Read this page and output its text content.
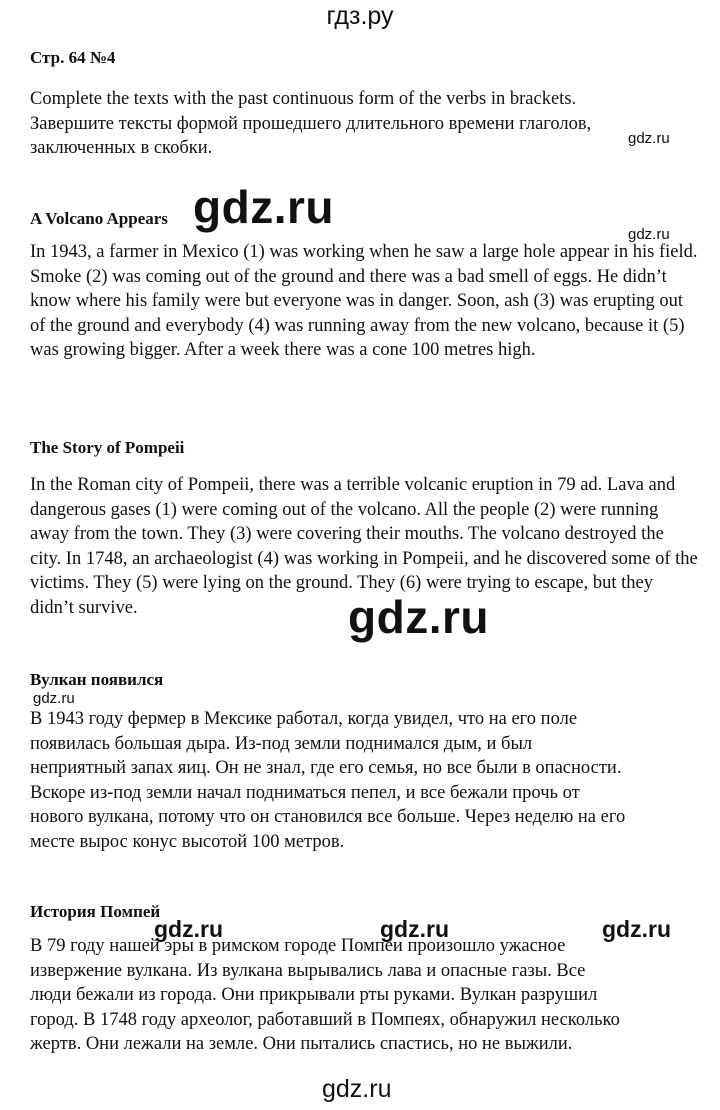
гдз.ру
Стр. 64 №4
Complete the texts with the past continuous form of the verbs in brackets.
Завершите тексты формой прошедшего длительного времени глаголов, заключенных в скобки.
A Volcano Appears
In 1943, a farmer in Mexico (1) was working when he saw a large hole appear in his field. Smoke (2) was coming out of the ground and there was a bad smell of eggs. He didn’t know where his family were but everyone was in danger. Soon, ash (3) was erupting out of the ground and everybody (4) was running away from the new volcano, because it (5) was growing bigger. After a week there was a cone 100 metres high.
The Story of Pompeii
In the Roman city of Pompeii, there was a terrible volcanic eruption in 79 ad. Lava and dangerous gases (1) were coming out of the volcano. All the people (2) were running away from the town. They (3) were covering their mouths. The volcano destroyed the city. In 1748, an archaeologist (4) was working in Pompeii, and he discovered some of the victims. They (5) were lying on the ground. They (6) were trying to escape, but they didn’t survive.
Вулкан появился
В 1943 году фермер в Мексике работал, когда увидел, что на его поле появилась большая дыра. Из-под земли поднимался дым, и был неприятный запах яиц. Он не знал, где его семья, но все были в опасности. Вскоре из-под земли начал подниматься пепел, и все бежали прочь от нового вулкана, потому что он становился все больше. Через неделю на его месте вырос конус высотой 100 метров.
История Помпей
В 79 году нашей эры в римском городе Помпеи произошло ужасное извержение вулкана. Из вулкана вырывались лава и опасные газы. Все люди бежали из города. Они прикрывали рты руками. Вулкан разрушил город. В 1748 году археолог, работавший в Помпеях, обнаружил несколько жертв. Они лежали на земле. Они пытались спастись, но не выжили.
gdz.ru
gdz.ru
gdz.ru
gdz.ru
gdz.ru
gdz.ru	gdz.ru	gdz.ru
gdz.ru
